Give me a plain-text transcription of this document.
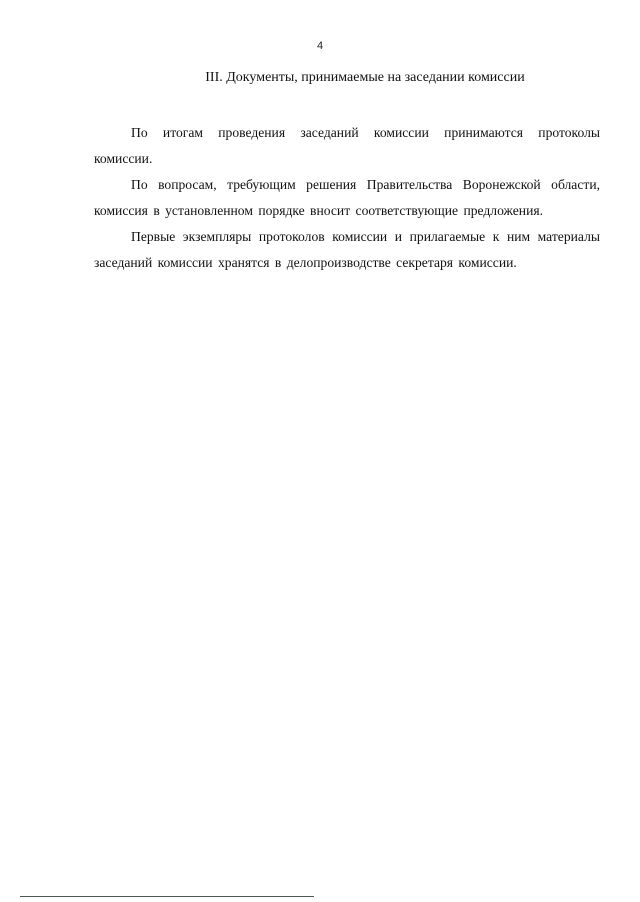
4
III. Документы, принимаемые на заседании комиссии

По итогам проведения заседаний комиссии принимаются протоколы комиссии.

По вопросам, требующим решения Правительства Воронежской области, комиссия в установленном порядке вносит соответствующие предложения.

Первые экземпляры протоколов комиссии и прилагаемые к ним материалы заседаний комиссии хранятся в делопроизводстве секретаря комиссии.
